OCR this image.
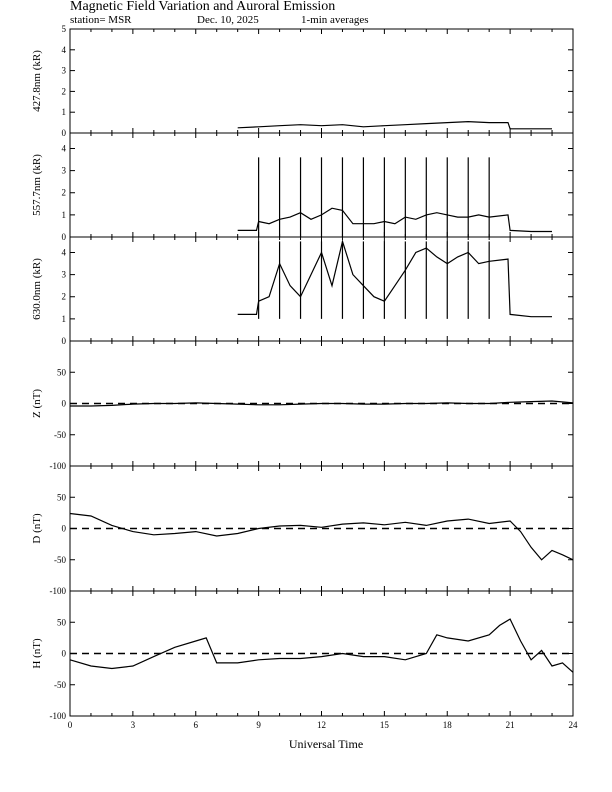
Magnetic Field Variation and Auroral Emission
station= MSR	Dec. 10, 2025	1-min averages
Universal Time
0
1
2
3
4
5
427.8nm (kR)
0
1
2
3
4
557.7nm (kR)
0
1
2
3
4
630.0nm (kR)
-100
-50
0
50
Z (nT)
-100
-50
0
50
D (nT)
-100
-50
0
50
H (nT)
0	3	6	9	12	15	18	21	24
